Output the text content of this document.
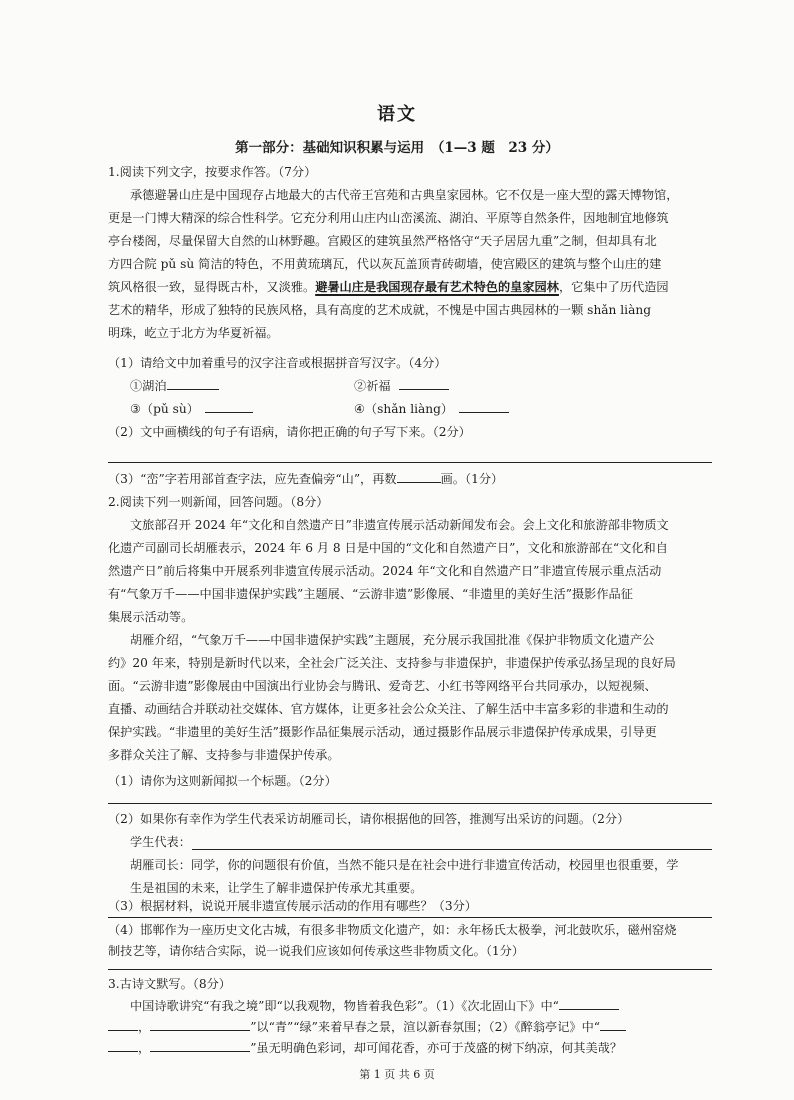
语文
第一部分：基础知识积累与运用　（1—3 题　23 分）
1.阅读下列文字，按要求作答。（7分）
承德避暑山庄是中国现存占地最大的古代帝王宫苑和古典皇家园林。它不仅是一座大型的露天博物馆，
更是一门博大精深的综合性科学。它充分利用山庄内山峦溪流、湖泊、平原等自然条件，因地制宜地修筑
亭台楼阁，尽量保留大自然的山林野趣。宫殿区的建筑虽然严格恪守“天子居居九重”之制，但却具有北
方四合院 pǔ sù 简洁的特色，不用黄琉璃瓦，代以灰瓦盖顶青砖砌墙，使宫殿区的建筑与整个山庄的建
筑风格很一致，显得既古朴，又淡雅。避暑山庄是我国现存最有艺术特色的皇家园林，它集中了历代造园
艺术的精华，形成了独特的民族风格，具有高度的艺术成就，不愧是中国古典园林的一颗 shǎn liàng
明珠，屹立于北方为华夏祈福。
（1）请给文中加着重号的汉字注音或根据拼音写汉字。（4分）
①湖泊	②祈福
③（pǔ sù）	④（shǎn liàng）
（2）文中画横线的句子有语病，请你把正确的句子写下来。（2分）
（3）“峦”字若用部首查字法，应先查偏旁“山”，再数	画。（1分）
2.阅读下列一则新闻，回答问题。（8分）
文旅部召开 2024 年“文化和自然遗产日”非遗宣传展示活动新闻发布会。会上文化和旅游部非物质文
化遗产司副司长胡雁表示，2024 年 6 月 8 日是中国的“文化和自然遗产日”，文化和旅游部在“文化和自
然遗产日”前后将集中开展系列非遗宣传展示活动。2024 年“文化和自然遗产日”非遗宣传展示重点活动
有“气象万千——中国非遗保护实践”主题展、“云游非遗”影像展、“非遗里的美好生活”摄影作品征
集展示活动等。
胡雁介绍，“气象万千——中国非遗保护实践”主题展，充分展示我国批准《保护非物质文化遗产公
约》20 年来，特别是新时代以来，全社会广泛关注、支持参与非遗保护，非遗保护传承弘扬呈现的良好局
面。“云游非遗”影像展由中国演出行业协会与腾讯、爱奇艺、小红书等网络平台共同承办，以短视频、
直播、动画结合并联动社交媒体、官方媒体，让更多社会公众关注、了解生活中丰富多彩的非遗和生动的
保护实践。“非遗里的美好生活”摄影作品征集展示活动，通过摄影作品展示非遗保护传承成果，引导更
多群众关注了解、支持参与非遗保护传承。
（1）请你为这则新闻拟一个标题。（2分）
（2）如果你有幸作为学生代表采访胡雁司长，请你根据他的回答，推测写出采访的问题。（2分）
学生代表：
胡雁司长：同学，你的问题很有价值，当然不能只是在社会中进行非遗宣传活动，校园里也很重要，学
生是祖国的未来，让学生了解非遗保护传承尤其重要。
（3）根据材料，说说开展非遗宣传展示活动的作用有哪些？（3分）
（4）邯郸作为一座历史文化古城，有很多非物质文化遗产，如：永年杨氏太极拳，河北鼓吹乐，磁州窑烧
制技艺等，请你结合实际，说一说我们应该如何传承这些非物质文化。（1分）
3.古诗文默写。（8分）
第 1 页 共 6 页
中国诗歌讲究“有我之境”即“以我观物，物皆着我色彩”。（1）《次北固山下》中“
，	”以“青”“绿”来着早春之景，渲以新春氛围；（2）《醉翁亭记》中“
，	”虽无明确色彩词，却可闻花香，亦可于茂盛的树下纳凉，何其美哉？
